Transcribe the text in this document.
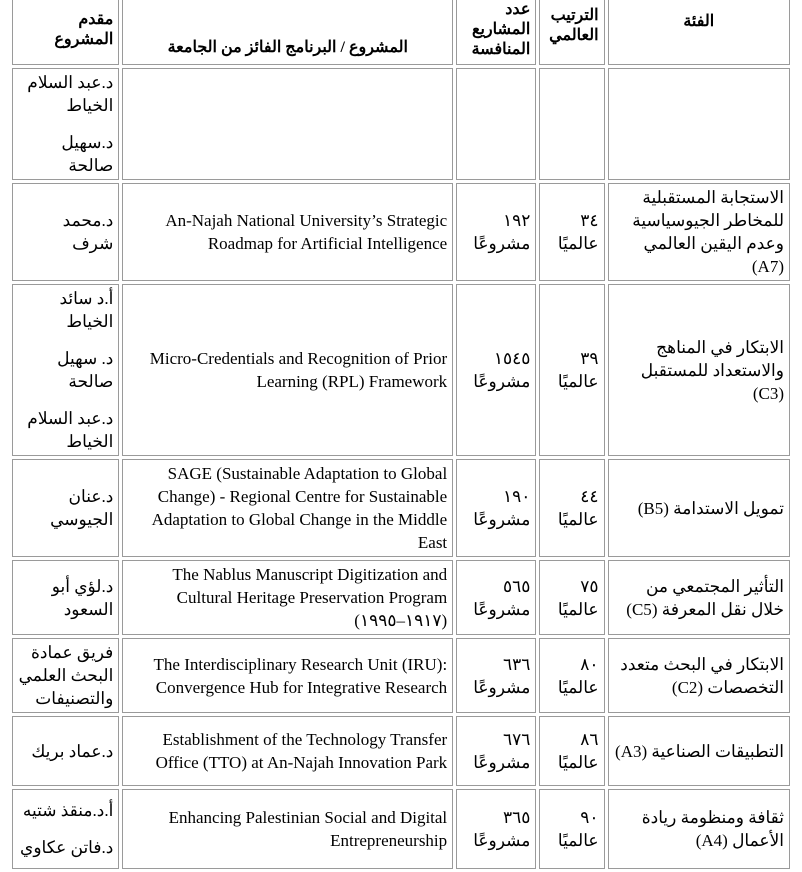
الفئة	الترتيب العالمي	عدد المشاريع المنافسة	المشروع / البرنامج الفائز من الجامعة	مقدم المشروع

				د.عبد السلام الخياط
د.سهيل صالحة

الاستجابة المستقبلية للمخاطر الجيوسياسية وعدم اليقين العالمي (A7)	٣٤ عالميًا	١٩٢ مشروعًا	An-Najah National University’s Strategic Roadmap for Artificial Intelligence	د.محمد شرف

الابتكار في المناهج والاستعداد للمستقبل (C3)	٣٩ عالميًا	١٥٤٥ مشروعًا	Micro-Credentials and Recognition of Prior Learning (RPL) Framework	أ.د سائد الخياط
د. سهيل صالحة
د.عبد السلام الخياط

تمويل الاستدامة (B5)	٤٤ عالميًا	١٩٠ مشروعًا	SAGE (Sustainable Adaptation to Global Change) - Regional Centre for Sustainable Adaptation to Global Change in the Middle East	د.عنان الجيوسي

التأثير المجتمعي من خلال نقل المعرفة (C5)	٧٥ عالميًا	٥٦٥ مشروعًا	The Nablus Manuscript Digitization and Cultural Heritage Preservation Program (١٩١٧–١٩٩٥)	د.لؤي أبو السعود

الابتكار في البحث متعدد التخصصات (C2)	٨٠ عالميًا	٦٣٦ مشروعًا	The Interdisciplinary Research Unit (IRU): Convergence Hub for Integrative Research	فريق عمادة البحث العلمي والتصنيفات

التطبيقات الصناعية (A3)	٨٦ عالميًا	٦٧٦ مشروعًا	Establishment of the Technology Transfer Office (TTO) at An-Najah Innovation Park	د.عماد بريك

ثقافة ومنظومة ريادة الأعمال (A4)	٩٠ عالميًا	٣٦٥ مشروعًا	Enhancing Palestinian Social and Digital Entrepreneurship	أ.د.منقذ شتيه
د.فاتن عكاوي
